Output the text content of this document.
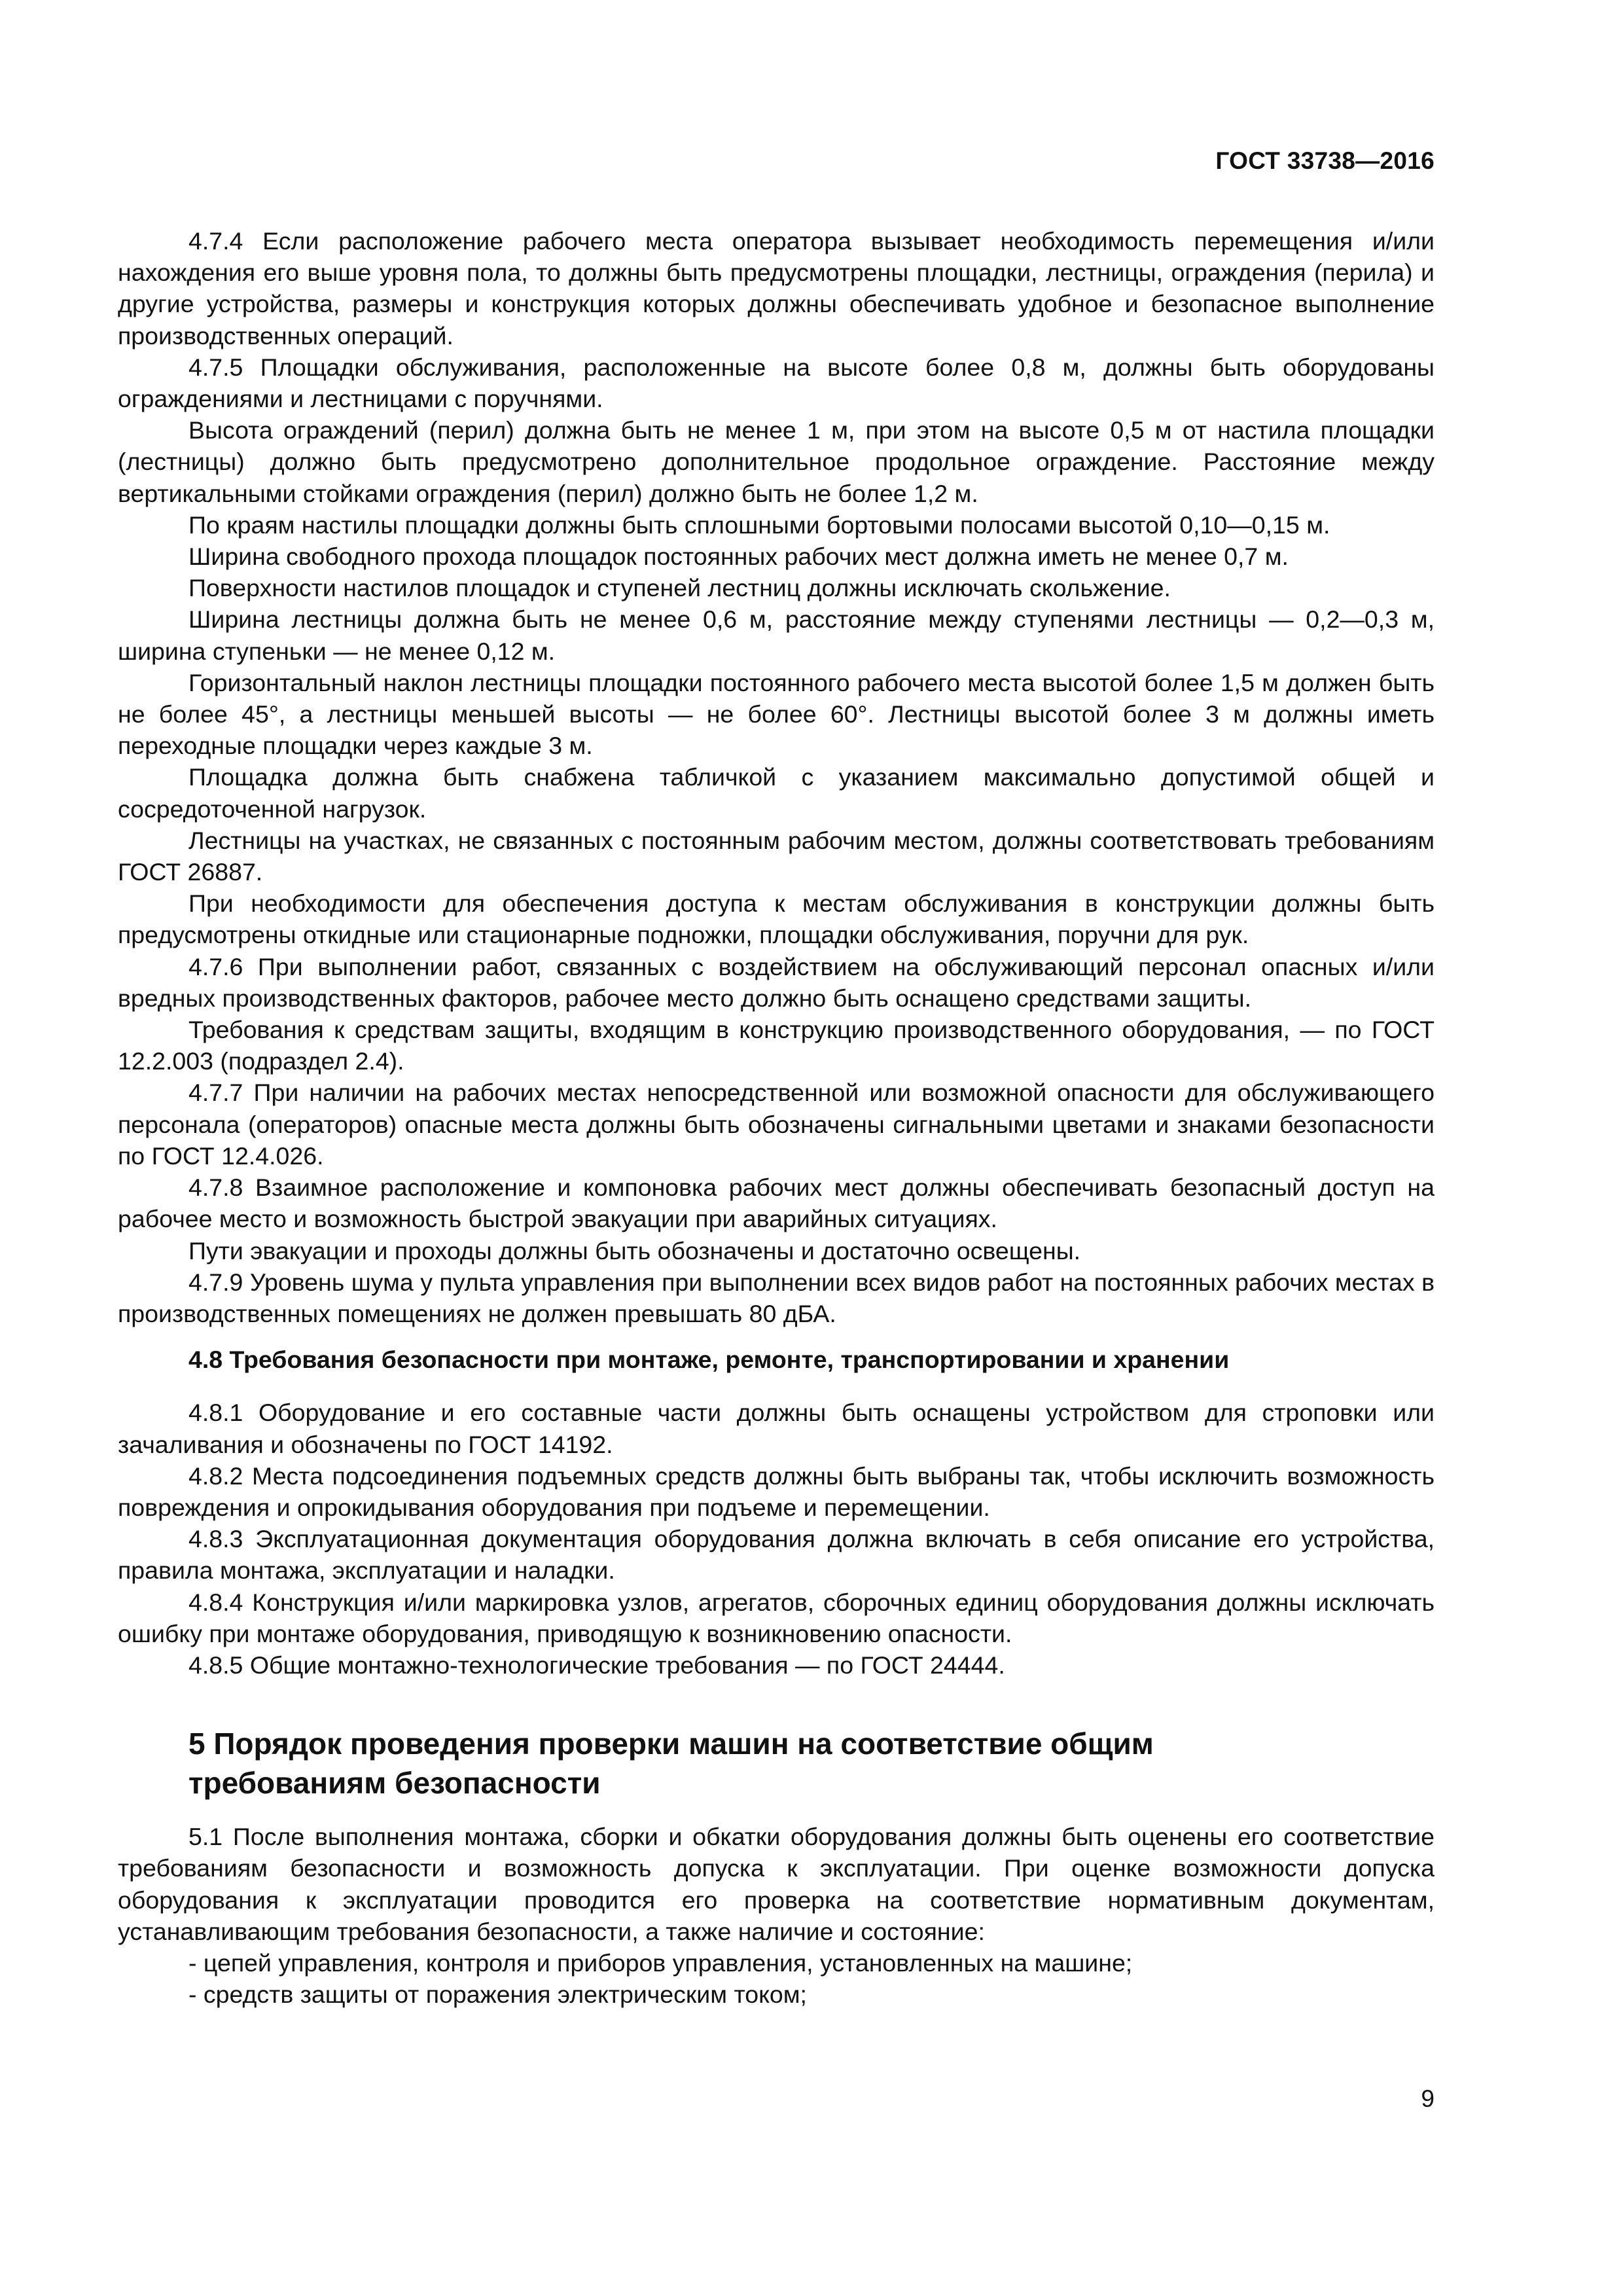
ГОСТ 33738—2016

4.7.4 Если расположение рабочего места оператора вызывает необходимость перемещения и/или нахождения его выше уровня пола, то должны быть предусмотрены площадки, лестницы, ограждения (перила) и другие устройства, размеры и конструкция которых должны обеспечивать удобное и безопасное выполнение производственных операций.

4.7.5 Площадки обслуживания, расположенные на высоте более 0,8 м, должны быть оборудованы ограждениями и лестницами с поручнями.

Высота ограждений (перил) должна быть не менее 1 м, при этом на высоте 0,5 м от настила площадки (лестницы) должно быть предусмотрено дополнительное продольное ограждение. Расстояние между вертикальными стойками ограждения (перил) должно быть не более 1,2 м.

По краям настилы площадки должны быть сплошными бортовыми полосами высотой 0,10—0,15 м.

Ширина свободного прохода площадок постоянных рабочих мест должна иметь не менее 0,7 м.

Поверхности настилов площадок и ступеней лестниц должны исключать скольжение.

Ширина лестницы должна быть не менее 0,6 м, расстояние между ступенями лестницы — 0,2—0,3 м, ширина ступеньки — не менее 0,12 м.

Горизонтальный наклон лестницы площадки постоянного рабочего места высотой более 1,5 м должен быть не более 45°, а лестницы меньшей высоты — не более 60°. Лестницы высотой более 3 м должны иметь переходные площадки через каждые 3 м.

Площадка должна быть снабжена табличкой с указанием максимально допустимой общей и сосредоточенной нагрузок.

Лестницы на участках, не связанных с постоянным рабочим местом, должны соответствовать требованиям ГОСТ 26887.

При необходимости для обеспечения доступа к местам обслуживания в конструкции должны быть предусмотрены откидные или стационарные подножки, площадки обслуживания, поручни для рук.

4.7.6 При выполнении работ, связанных с воздействием на обслуживающий персонал опасных и/или вредных производственных факторов, рабочее место должно быть оснащено средствами защиты.

Требования к средствам защиты, входящим в конструкцию производственного оборудования, — по ГОСТ 12.2.003 (подраздел 2.4).

4.7.7 При наличии на рабочих местах непосредственной или возможной опасности для обслуживающего персонала (операторов) опасные места должны быть обозначены сигнальными цветами и знаками безопасности по ГОСТ 12.4.026.

4.7.8 Взаимное расположение и компоновка рабочих мест должны обеспечивать безопасный доступ на рабочее место и возможность быстрой эвакуации при аварийных ситуациях.

Пути эвакуации и проходы должны быть обозначены и достаточно освещены.

4.7.9 Уровень шума у пульта управления при выполнении всех видов работ на постоянных рабочих местах в производственных помещениях не должен превышать 80 дБА.

4.8 Требования безопасности при монтаже, ремонте, транспортировании и хранении

4.8.1 Оборудование и его составные части должны быть оснащены устройством для строповки или зачаливания и обозначены по ГОСТ 14192.

4.8.2 Места подсоединения подъемных средств должны быть выбраны так, чтобы исключить возможность повреждения и опрокидывания оборудования при подъеме и перемещении.

4.8.3 Эксплуатационная документация оборудования должна включать в себя описание его устройства, правила монтажа, эксплуатации и наладки.

4.8.4 Конструкция и/или маркировка узлов, агрегатов, сборочных единиц оборудования должны исключать ошибку при монтаже оборудования, приводящую к возникновению опасности.

4.8.5 Общие монтажно-технологические требования — по ГОСТ 24444.

5 Порядок проведения проверки машин на соответствие общим
требованиям безопасности

5.1 После выполнения монтажа, сборки и обкатки оборудования должны быть оценены его соответствие требованиям безопасности и возможность допуска к эксплуатации. При оценке возможности допуска оборудования к эксплуатации проводится его проверка на соответствие нормативным документам, устанавливающим требования безопасности, а также наличие и состояние:

- цепей управления, контроля и приборов управления, установленных на машине;

- средств защиты от поражения электрическим током;

9
